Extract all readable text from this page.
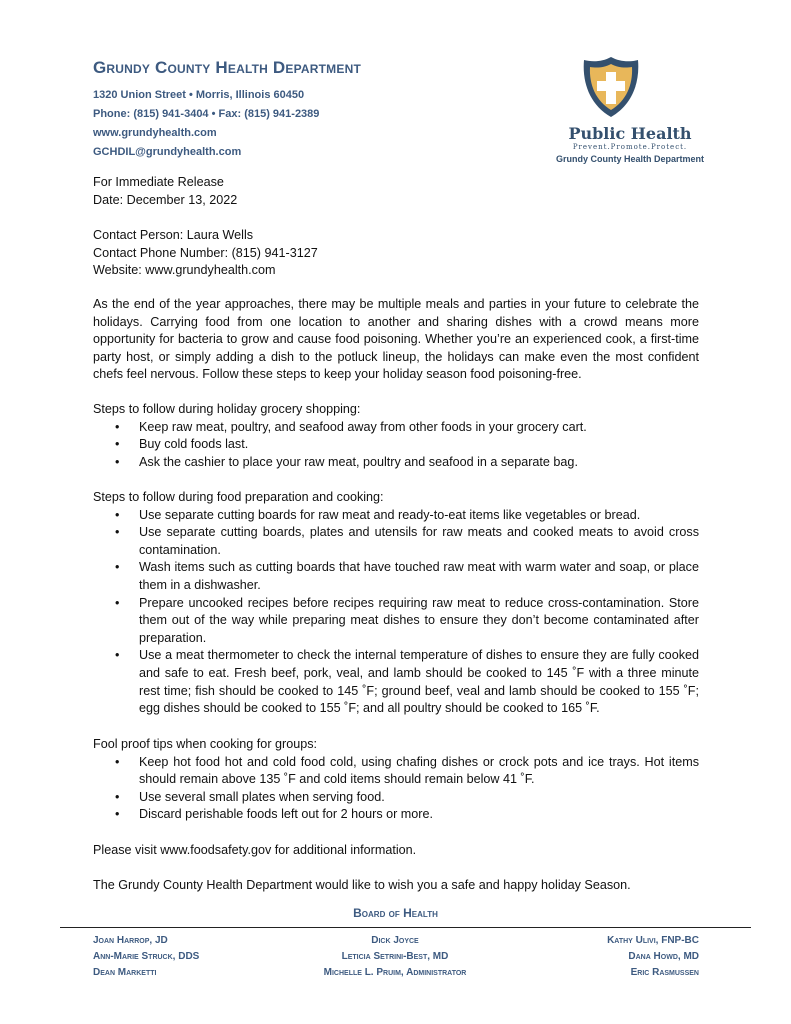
Grundy County Health Department
1320 Union Street • Morris, Illinois 60450
Phone: (815) 941-3404 • Fax: (815) 941-2389
www.grundyhealth.com
GCHDIL@grundyhealth.com
Public Health
Prevent.Promote.Protect.
Grundy County Health Department
For Immediate Release
Date: December 13, 2022
Contact Person: Laura Wells
Contact Phone Number: (815) 941-3127
Website: www.grundyhealth.com
As the end of the year approaches, there may be multiple meals and parties in your future to celebrate the holidays. Carrying food from one location to another and sharing dishes with a crowd means more opportunity for bacteria to grow and cause food poisoning. Whether you’re an experienced cook, a first-time party host, or simply adding a dish to the potluck lineup, the holidays can make even the most confident chefs feel nervous. Follow these steps to keep your holiday season food poisoning-free.
Steps to follow during holiday grocery shopping:
• Keep raw meat, poultry, and seafood away from other foods in your grocery cart.
• Buy cold foods last.
• Ask the cashier to place your raw meat, poultry and seafood in a separate bag.
Steps to follow during food preparation and cooking:
• Use separate cutting boards for raw meat and ready-to-eat items like vegetables or bread.
• Use separate cutting boards, plates and utensils for raw meats and cooked meats to avoid cross contamination.
• Wash items such as cutting boards that have touched raw meat with warm water and soap, or place them in a dishwasher.
• Prepare uncooked recipes before recipes requiring raw meat to reduce cross-contamination. Store them out of the way while preparing meat dishes to ensure they don’t become contaminated after preparation.
• Use a meat thermometer to check the internal temperature of dishes to ensure they are fully cooked and safe to eat. Fresh beef, pork, veal, and lamb should be cooked to 145 ˚F with a three minute rest time; fish should be cooked to 145 ˚F; ground beef, veal and lamb should be cooked to 155 ˚F; egg dishes should be cooked to 155 ˚F; and all poultry should be cooked to 165 ˚F.
Fool proof tips when cooking for groups:
• Keep hot food hot and cold food cold, using chafing dishes or crock pots and ice trays. Hot items should remain above 135 ˚F and cold items should remain below 41 ˚F.
• Use several small plates when serving food.
• Discard perishable foods left out for 2 hours or more.
Please visit www.foodsafety.gov for additional information.
The Grundy County Health Department would like to wish you a safe and happy holiday Season.
Board of Health
Joan Harrop, JD
Ann-Marie Struck, DDS
Dean Marketti
Dick Joyce
Leticia Setrini-Best, MD
Michelle L. Pruim, Administrator
Kathy Ulivi, FNP-BC
Dana Howd, MD
Eric Rasmussen
